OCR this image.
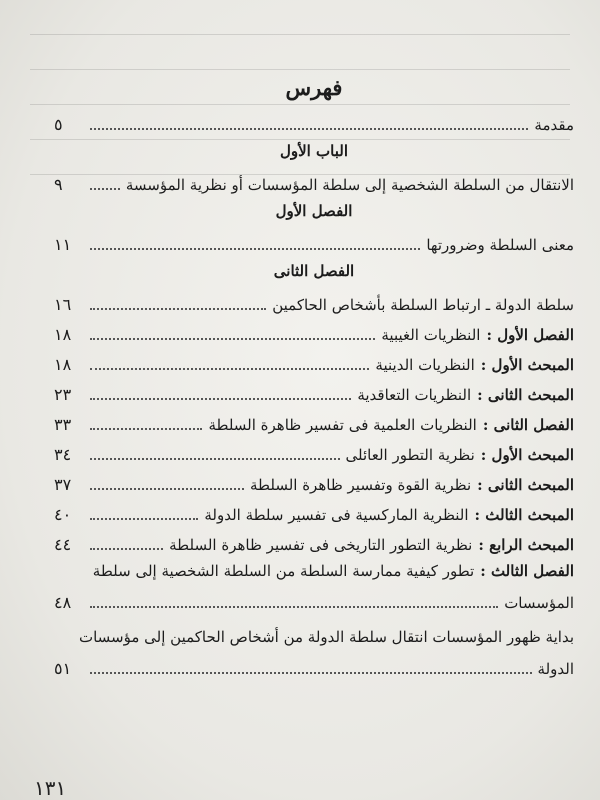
فهرس
مقدمة
٥
الباب الأول
الانتقال من السلطة الشخصية إلى سلطة المؤسسات أو نظرية المؤسسة
٩
الفصل الأول
معنى السلطة وضرورتها
١١
الفصل الثانى
سلطة الدولة ـ ارتباط السلطة بأشخاص الحاكمين
١٦
الفصل الأول :
النظريات الغيبية
١٨
المبحث الأول :
النظريات الدينية
١٨
المبحث الثانى :
النظريات التعاقدية
٢٣
الفصل الثانى :
النظريات العلمية فى تفسير ظاهرة السلطة
٣٣
المبحث الأول :
نظرية التطور العائلى
٣٤
المبحث الثانى :
نظرية القوة وتفسير ظاهرة السلطة
٣٧
المبحث الثالث :
النظرية الماركسية فى تفسير سلطة الدولة
٤٠
المبحث الرابع :
نظرية التطور التاريخى فى تفسير ظاهرة السلطة
٤٤
الفصل الثالث :
تطور كيفية ممارسة السلطة من السلطة الشخصية إلى سلطة
المؤسسات
٤٨
بداية ظهور المؤسسات انتقال سلطة الدولة من أشخاص الحاكمين إلى مؤسسات
الدولة
٥١
١٣١
